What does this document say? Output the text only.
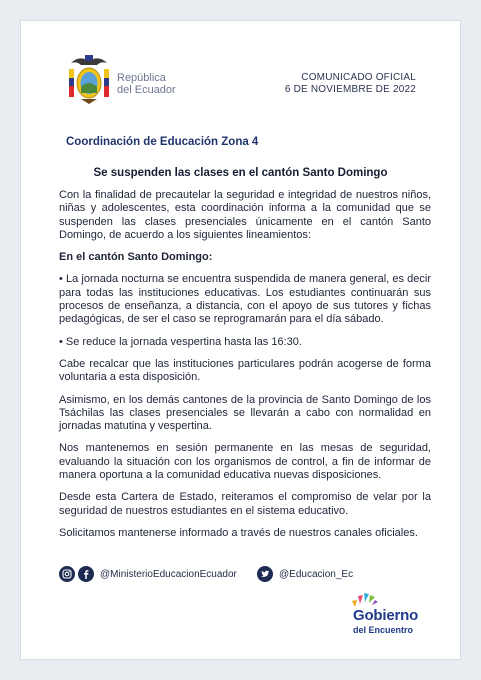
República
del Ecuador
COMUNICADO OFICIAL
6 DE NOVIEMBRE DE 2022
Coordinación de Educación Zona 4
Se suspenden las clases en el cantón Santo Domingo

Con la finalidad de precautelar la seguridad e integridad de nuestros niños, niñas y adolescentes, esta coordinación informa a la comunidad que se suspenden las clases presenciales únicamente en el cantón Santo Domingo, de acuerdo a los siguientes lineamientos:

En el cantón Santo Domingo:

• La jornada nocturna se encuentra suspendida de manera general, es decir para todas las instituciones educativas. Los estudiantes continuarán sus procesos de enseñanza, a distancia, con el apoyo de sus tutores y fichas pedagógicas, de ser el caso se reprogramarán para el día sábado.

• Se reduce la jornada vespertina hasta las 16:30.

Cabe recalcar que las instituciones particulares podrán acogerse de forma voluntaria a esta disposición.

Asimismo, en los demás cantones de la provincia de Santo Domingo de los Tsáchilas las clases presenciales se llevarán a cabo con normalidad en jornadas matutina y vespertina.

Nos mantenemos en sesión permanente en las mesas de seguridad, evaluando la situación con los organismos de control, a fin de informar de manera oportuna a la comunidad educativa nuevas disposiciones.

Desde esta Cartera de Estado, reiteramos el compromiso de velar por la seguridad de nuestros estudiantes en el sistema educativo.

Solicitamos mantenerse informado a través de nuestros canales oficiales.

@MinisterioEducacionEcuador	@Educacion_Ec
Gobierno
del Encuentro
